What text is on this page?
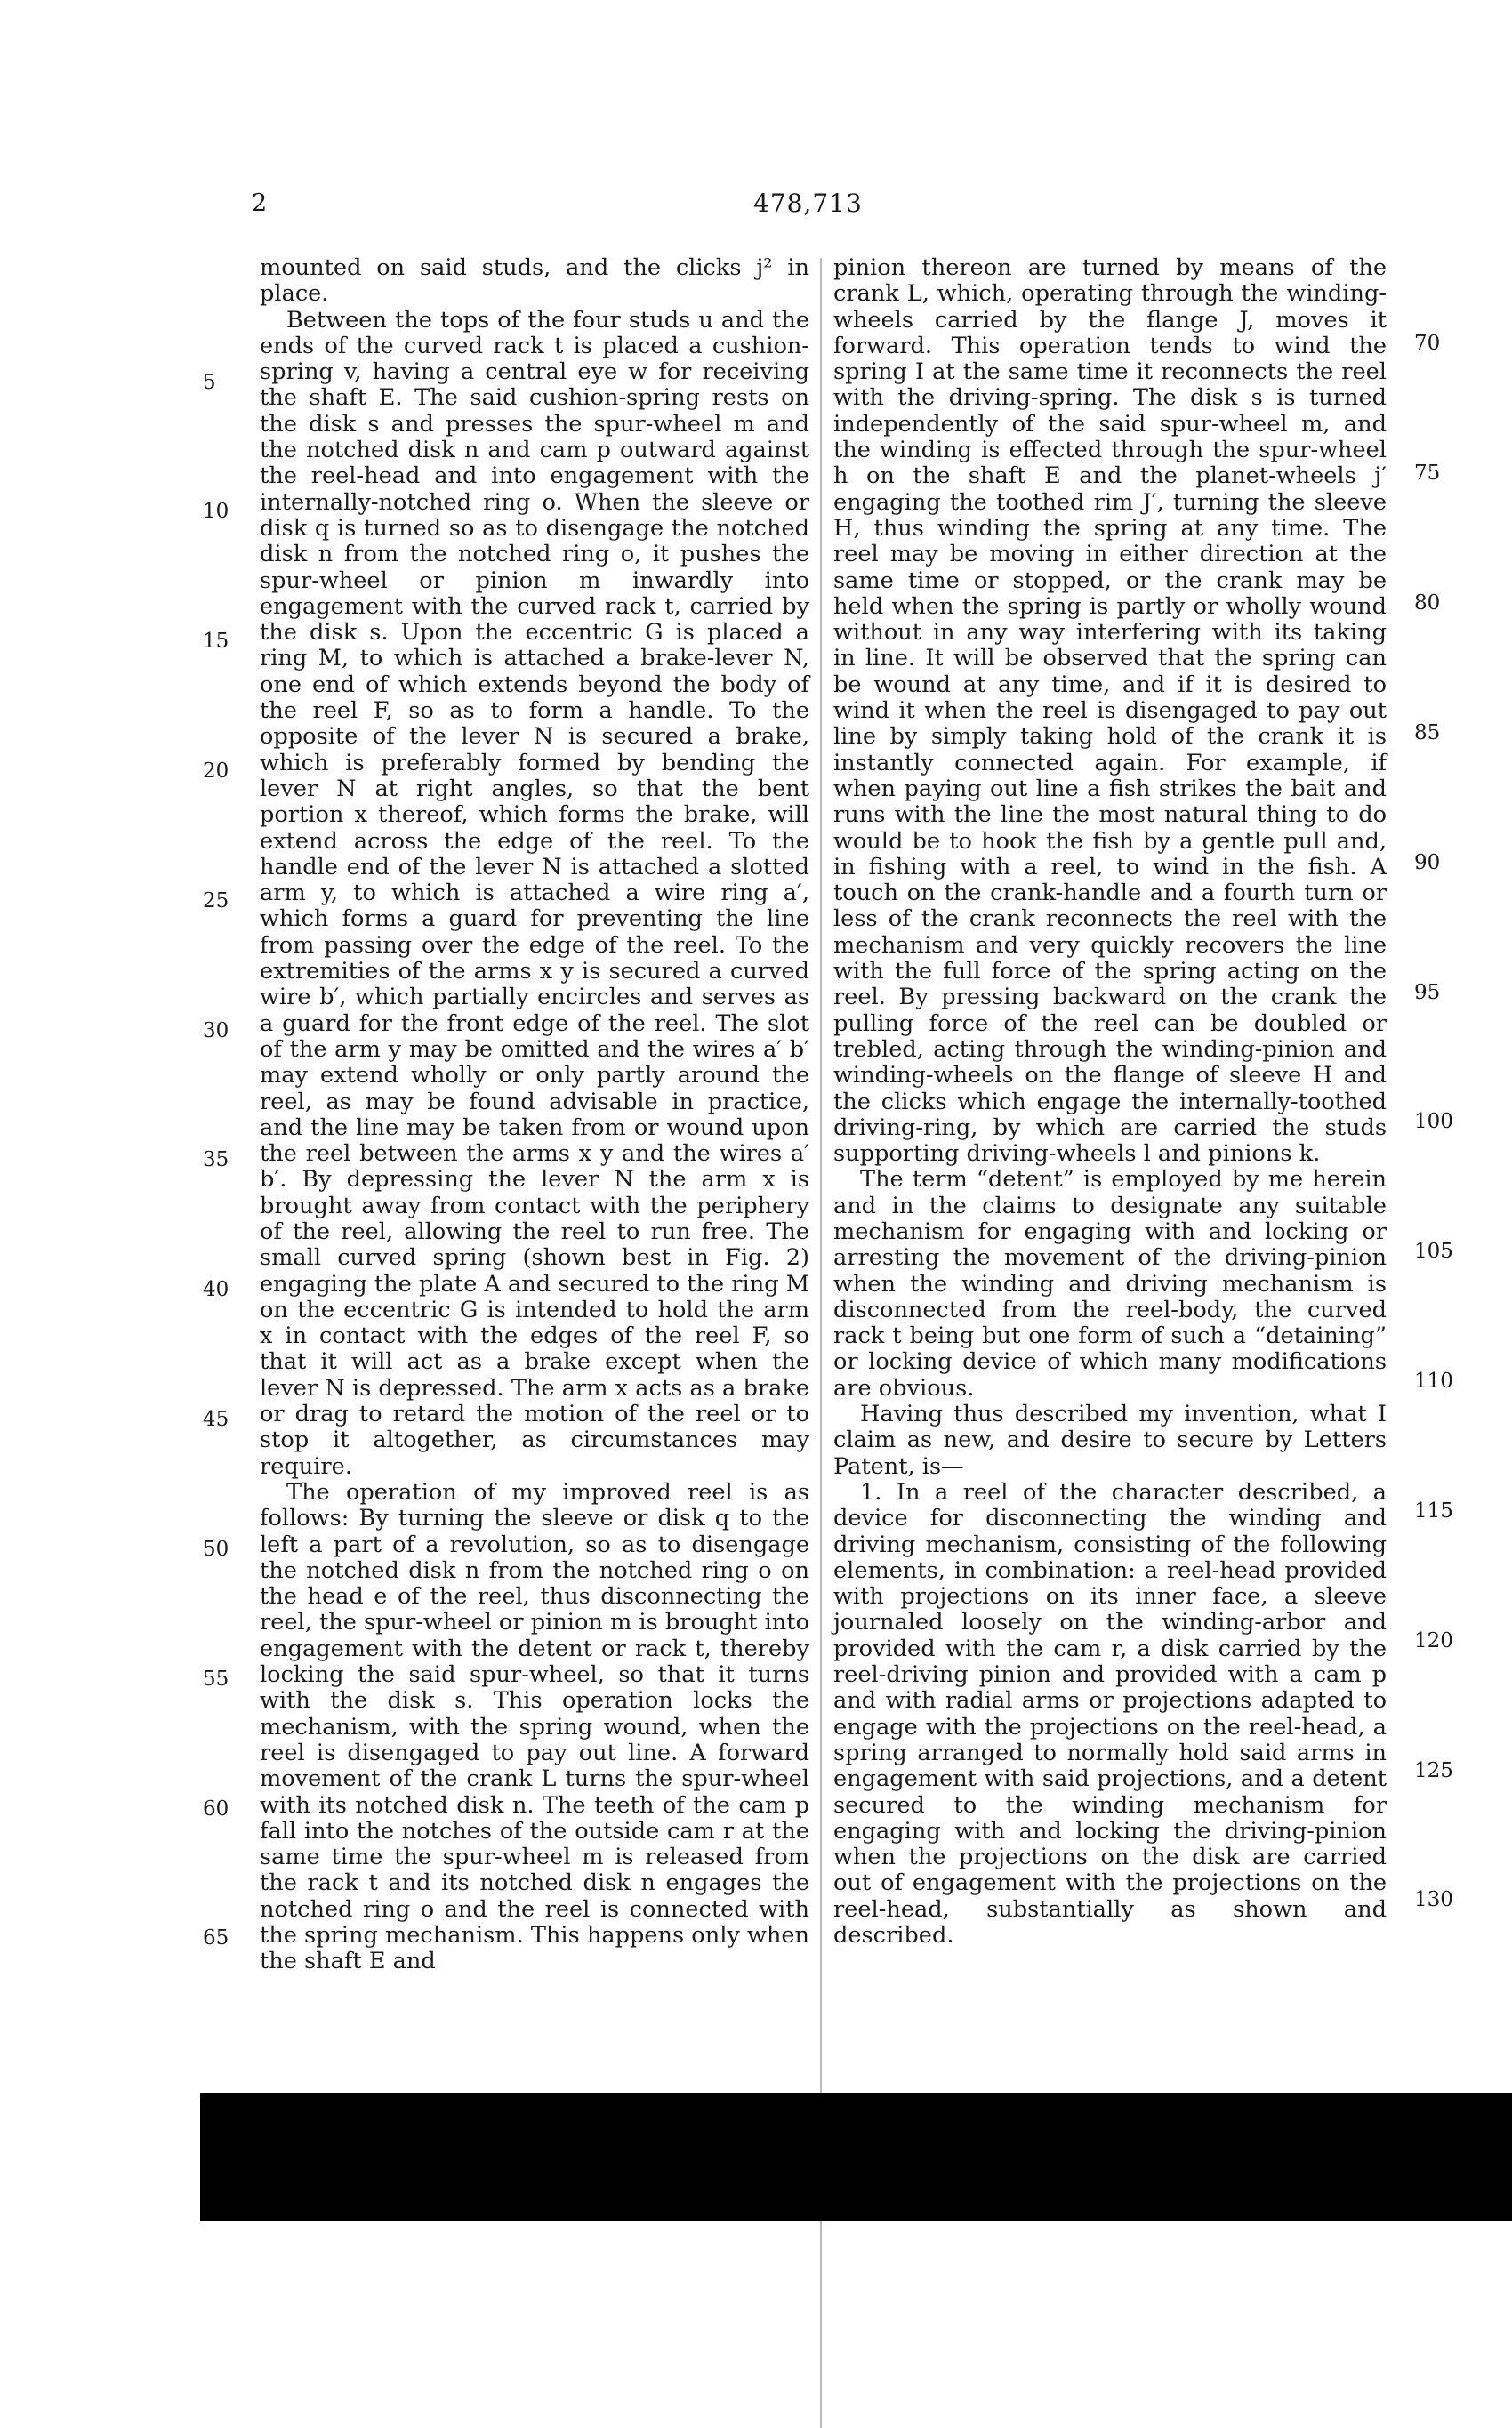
2	478,713

mounted on said studs, and the clicks j² in place.

Between the tops of the four studs u and the ends of the curved rack t is placed a cushion-spring v, having a central eye w for receiving the shaft E. The said cushion-spring rests on the disk s and presses the spur-wheel m and the notched disk n and cam p outward against the reel-head and into engagement with the internally-notched ring o. When the sleeve or disk q is turned so as to disengage the notched disk n from the notched ring o, it pushes the spur-wheel or pinion m inwardly into engagement with the curved rack t, carried by the disk s. Upon the eccentric G is placed a ring M, to which is attached a brake-lever N, one end of which extends beyond the body of the reel F, so as to form a handle. To the opposite of the lever N is secured a brake, which is preferably formed by bending the lever N at right angles, so that the bent portion x thereof, which forms the brake, will extend across the edge of the reel. To the handle end of the lever N is attached a slotted arm y, to which is attached a wire ring a′, which forms a guard for preventing the line from passing over the edge of the reel. To the extremities of the arms x y is secured a curved wire b′, which partially encircles and serves as a guard for the front edge of the reel. The slot of the arm y may be omitted and the wires a′ b′ may extend wholly or only partly around the reel, as may be found advisable in practice, and the line may be taken from or wound upon the reel between the arms x y and the wires a′ b′. By depressing the lever N the arm x is brought away from contact with the periphery of the reel, allowing the reel to run free. The small curved spring (shown best in Fig. 2) engaging the plate A and secured to the ring M on the eccentric G is intended to hold the arm x in contact with the edges of the reel F, so that it will act as a brake except when the lever N is depressed. The arm x acts as a brake or drag to retard the motion of the reel or to stop it altogether, as circumstances may require.

The operation of my improved reel is as follows: By turning the sleeve or disk q to the left a part of a revolution, so as to disengage the notched disk n from the notched ring o on the head e of the reel, thus disconnecting the reel, the spur-wheel or pinion m is brought into engagement with the detent or rack t, thereby locking the said spur-wheel, so that it turns with the disk s. This operation locks the mechanism, with the spring wound, when the reel is disengaged to pay out line. A forward movement of the crank L turns the spur-wheel with its notched disk n. The teeth of the cam p fall into the notches of the outside cam r at the same time the spur-wheel m is released from the rack t and its notched disk n engages the notched ring o and the reel is connected with the spring mechanism. This happens only when the shaft E and

pinion thereon are turned by means of the crank L, which, operating through the winding-wheels carried by the flange J, moves it forward. This operation tends to wind the spring I at the same time it reconnects the reel with the driving-spring. The disk s is turned independently of the said spur-wheel m, and the winding is effected through the spur-wheel h on the shaft E and the planet-wheels j′ engaging the toothed rim J′, turning the sleeve H, thus winding the spring at any time. The reel may be moving in either direction at the same time or stopped, or the crank may be held when the spring is partly or wholly wound without in any way interfering with its taking in line. It will be observed that the spring can be wound at any time, and if it is desired to wind it when the reel is disengaged to pay out line by simply taking hold of the crank it is instantly connected again. For example, if when paying out line a fish strikes the bait and runs with the line the most natural thing to do would be to hook the fish by a gentle pull and, in fishing with a reel, to wind in the fish. A touch on the crank-handle and a fourth turn or less of the crank reconnects the reel with the mechanism and very quickly recovers the line with the full force of the spring acting on the reel. By pressing backward on the crank the pulling force of the reel can be doubled or trebled, acting through the winding-pinion and winding-wheels on the flange of sleeve H and the clicks which engage the internally-toothed driving-ring, by which are carried the studs supporting driving-wheels l and pinions k.

The term “detent” is employed by me herein and in the claims to designate any suitable mechanism for engaging with and locking or arresting the movement of the driving-pinion when the winding and driving mechanism is disconnected from the reel-body, the curved rack t being but one form of such a “detaining” or locking device of which many modifications are obvious.

Having thus described my invention, what I claim as new, and desire to secure by Letters Patent, is—

1. In a reel of the character described, a device for disconnecting the winding and driving mechanism, consisting of the following elements, in combination: a reel-head provided with projections on its inner face, a sleeve journaled loosely on the winding-arbor and provided with the cam r, a disk carried by the reel-driving pinion and provided with a cam p and with radial arms or projections adapted to engage with the projections on the reel-head, a spring arranged to normally hold said arms in engagement with said projections, and a detent secured to the winding mechanism for engaging with and locking the driving-pinion when the projections on the disk are carried out of engagement with the projections on the reel-head, substantially as shown and described.

5
10
15
20
25
30
35
40
45
50
55
60
65
70
75
80
85
90
95
100
105
110
115
120
125
130
